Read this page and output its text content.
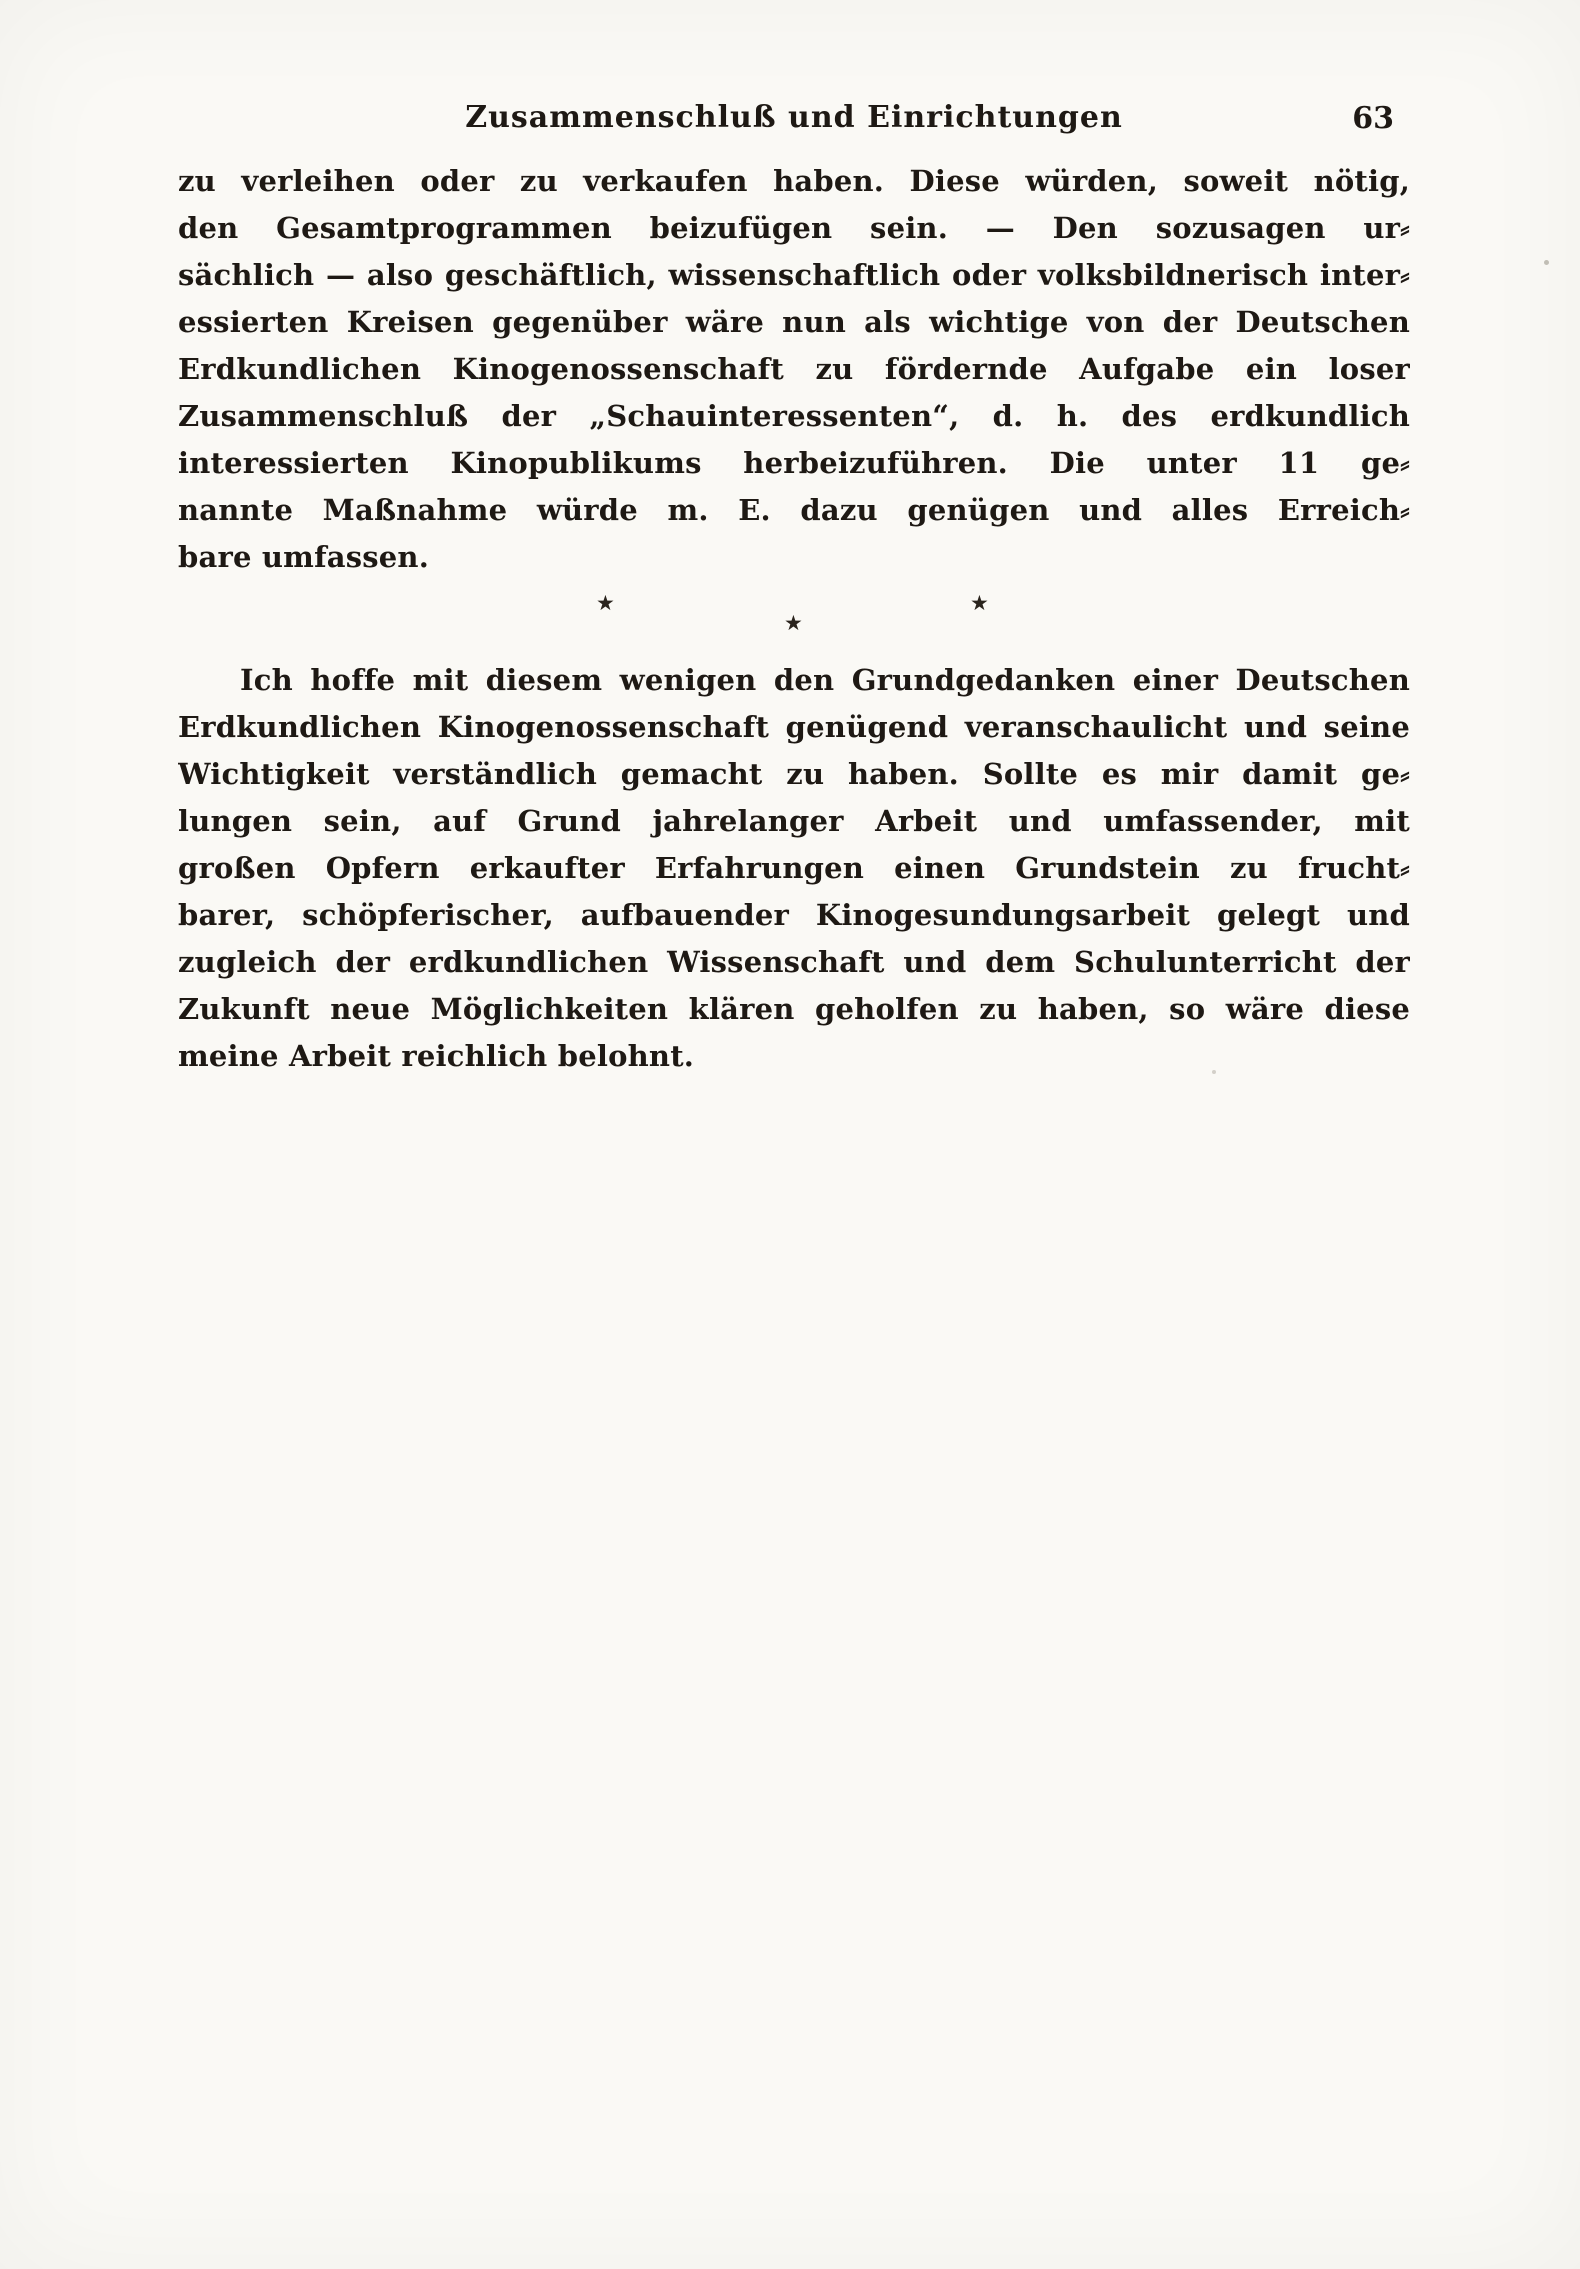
Zusammenschluß und Einrichtungen	63
zu verleihen oder zu verkaufen haben. Diese würden, soweit nötig,
den Gesamtprogrammen beizufügen sein. — Den sozusagen ur⸗
sächlich — also geschäftlich, wissenschaftlich oder volksbildnerisch inter⸗
essierten Kreisen gegenüber wäre nun als wichtige von der Deutschen
Erdkundlichen Kinogenossenschaft zu fördernde Aufgabe ein loser
Zusammenschluß der „Schauinteressenten“, d. h. des erdkundlich
interessierten Kinopublikums herbeizuführen. Die unter 11 ge⸗
nannte Maßnahme würde m. E. dazu genügen und alles Erreich⸗
bare umfassen.
★
★
★
Ich hoffe mit diesem wenigen den Grundgedanken einer Deutschen
Erdkundlichen Kinogenossenschaft genügend veranschaulicht und seine
Wichtigkeit verständlich gemacht zu haben. Sollte es mir damit ge⸗
lungen sein, auf Grund jahrelanger Arbeit und umfassender, mit
großen Opfern erkaufter Erfahrungen einen Grundstein zu frucht⸗
barer, schöpferischer, aufbauender Kinogesundungsarbeit gelegt und
zugleich der erdkundlichen Wissenschaft und dem Schulunterricht der
Zukunft neue Möglichkeiten klären geholfen zu haben, so wäre diese
meine Arbeit reichlich belohnt.
